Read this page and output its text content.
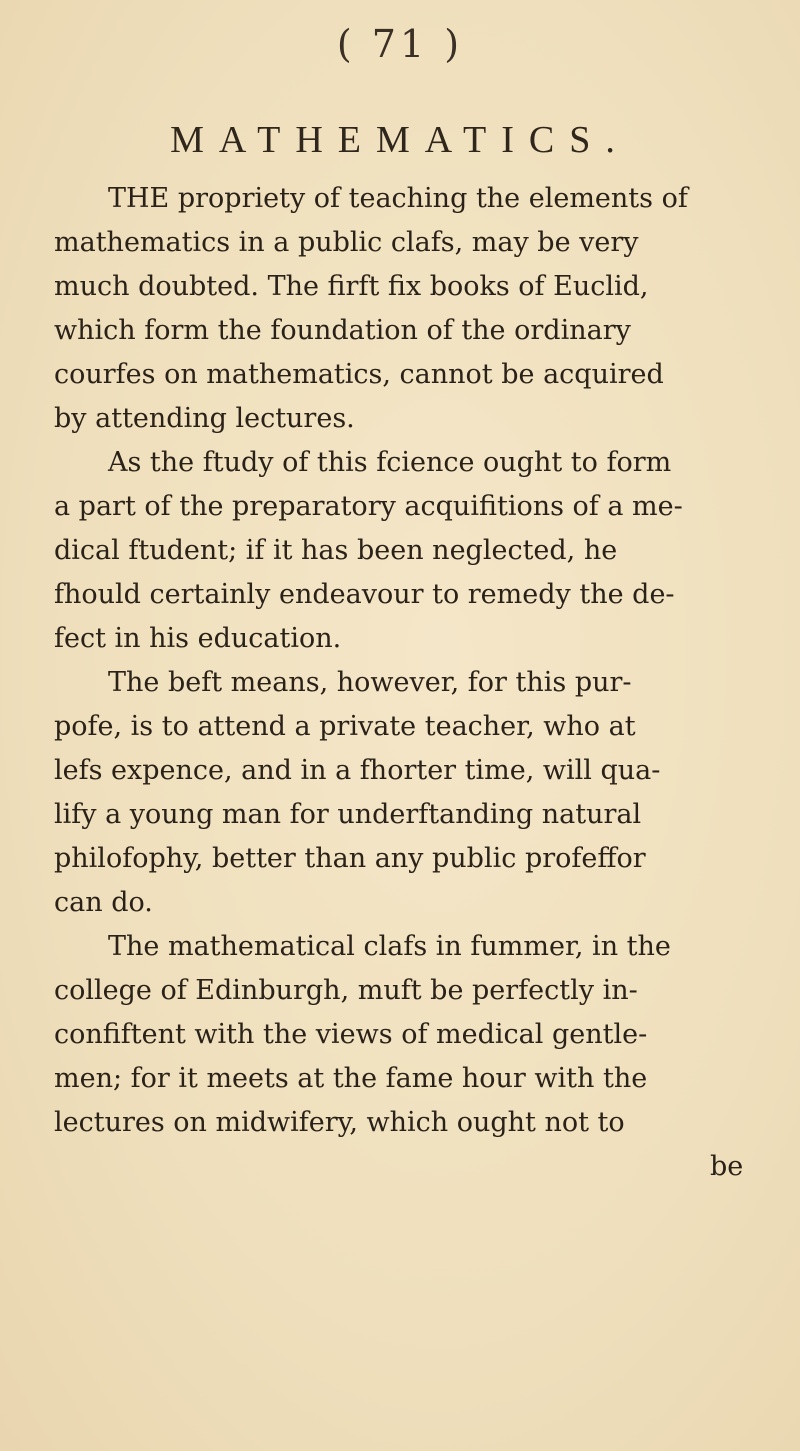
( 71 )
MATHEMATICS.
THE propriety of teaching the elements of
mathematics in a public clafs, may be very
much doubted. The firft fix books of Euclid,
which form the foundation of the ordinary
courfes on mathematics, cannot be acquired
by attending lectures.
As the ftudy of this fcience ought to form
a part of the preparatory acquifitions of a me-
dical ftudent; if it has been neglected, he
fhould certainly endeavour to remedy the de-
fect in his education.
The beft means, however, for this pur-
pofe, is to attend a private teacher, who at
lefs expence, and in a fhorter time, will qua-
lify a young man for underftanding natural
philofophy, better than any public profeffor
can do.
The mathematical clafs in fummer, in the
college of Edinburgh, muft be perfectly in-
confiftent with the views of medical gentle-
men; for it meets at the fame hour with the
lectures on midwifery, which ought not to
be
